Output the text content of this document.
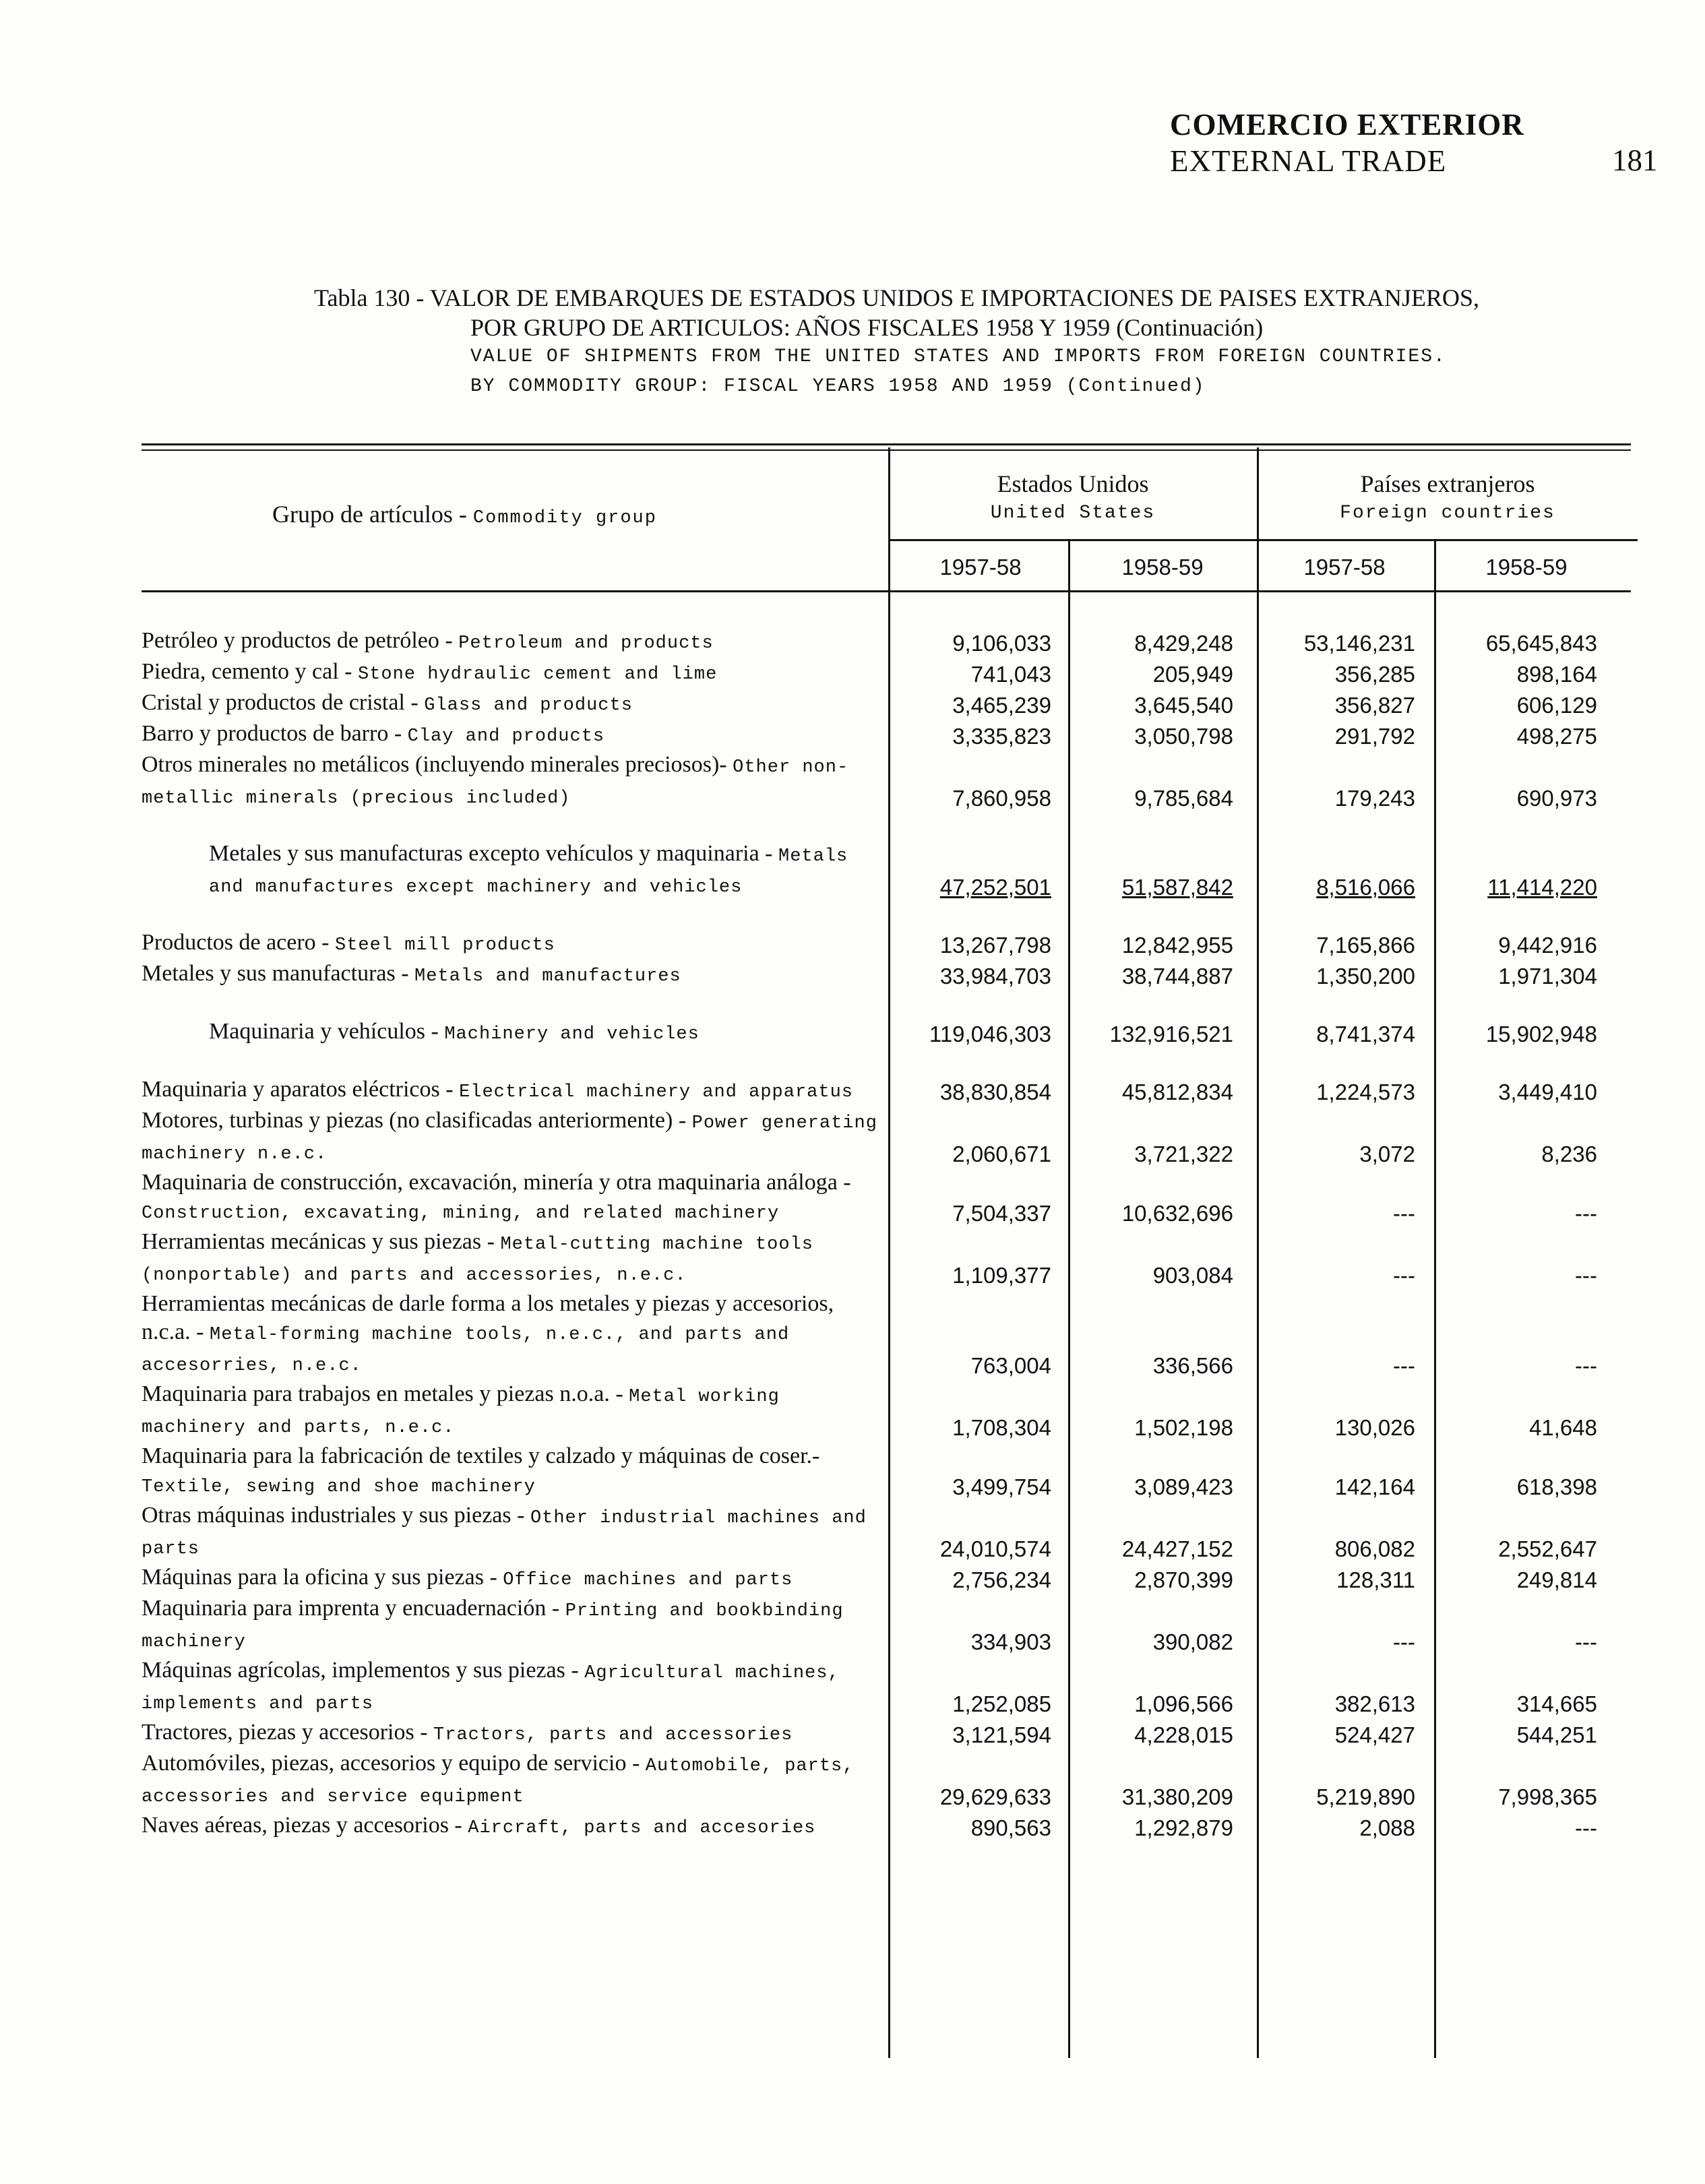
COMERCIO EXTERIOR
EXTERNAL TRADE	181
Tabla 130 - VALOR DE EMBARQUES DE ESTADOS UNIDOS E IMPORTACIONES DE PAISES EXTRANJEROS,
POR GRUPO DE ARTICULOS: AÑOS FISCALES 1958 Y 1959 (Continuación)
VALUE OF SHIPMENTS FROM THE UNITED STATES AND IMPORTS FROM FOREIGN COUNTRIES.
BY COMMODITY GROUP: FISCAL YEARS 1958 AND 1959 (Continued)
Grupo de artículos - Commodity group
Estados Unidos
United States
Países extranjeros
Foreign countries
1957-58	1958-59	1957-58	1958-59
Petróleo y productos de petróleo - Petroleum and products	9,106,033	8,429,248	53,146,231	65,645,843
Piedra, cemento y cal - Stone hydraulic cement and lime	741,043	205,949	356,285	898,164
Cristal y productos de cristal - Glass and products	3,465,239	3,645,540	356,827	606,129
Barro y productos de barro - Clay and products	3,335,823	3,050,798	291,792	498,275
Otros minerales no metálicos (incluyendo minerales preciosos)- Other non-metallic minerals (precious included)	7,860,958	9,785,684	179,243	690,973
Metales y sus manufacturas excepto vehículos y maquinaria - Metals and manufactures except machinery and vehicles	47,252,501	51,587,842	8,516,066	11,414,220
Productos de acero - Steel mill products	13,267,798	12,842,955	7,165,866	9,442,916
Metales y sus manufacturas - Metals and manufactures	33,984,703	38,744,887	1,350,200	1,971,304
Maquinaria y vehículos - Machinery and vehicles	119,046,303	132,916,521	8,741,374	15,902,948
Maquinaria y aparatos eléctricos - Electrical machinery and apparatus	38,830,854	45,812,834	1,224,573	3,449,410
Motores, turbinas y piezas (no clasificadas anteriormente) - Power generating machinery n.e.c.	2,060,671	3,721,322	3,072	8,236
Maquinaria de construcción, excavación, minería y otra maquinaria análoga - Construction, excavating, mining, and related machinery	7,504,337	10,632,696	---	---
Herramientas mecánicas y sus piezas - Metal-cutting machine tools (nonportable) and parts and accessories, n.e.c.	1,109,377	903,084	---	---
Herramientas mecánicas de darle forma a los metales y piezas y accesorios, n.c.a. - Metal-forming machine tools, n.e.c., and parts and accesorries, n.e.c.	763,004	336,566	---	---
Maquinaria para trabajos en metales y piezas n.o.a. - Metal working machinery and parts, n.e.c.	1,708,304	1,502,198	130,026	41,648
Maquinaria para la fabricación de textiles y calzado y máquinas de coser.- Textile, sewing and shoe machinery	3,499,754	3,089,423	142,164	618,398
Otras máquinas industriales y sus piezas - Other industrial machines and parts	24,010,574	24,427,152	806,082	2,552,647
Máquinas para la oficina y sus piezas - Office machines and parts	2,756,234	2,870,399	128,311	249,814
Maquinaria para imprenta y encuadernación - Printing and bookbinding machinery	334,903	390,082	---	---
Máquinas agrícolas, implementos y sus piezas - Agricultural machines, implements and parts	1,252,085	1,096,566	382,613	314,665
Tractores, piezas y accesorios - Tractors, parts and accessories	3,121,594	4,228,015	524,427	544,251
Automóviles, piezas, accesorios y equipo de servicio - Automobile, parts, accessories and service equipment	29,629,633	31,380,209	5,219,890	7,998,365
Naves aéreas, piezas y accesorios - Aircraft, parts and accesories	890,563	1,292,879	2,088	---
